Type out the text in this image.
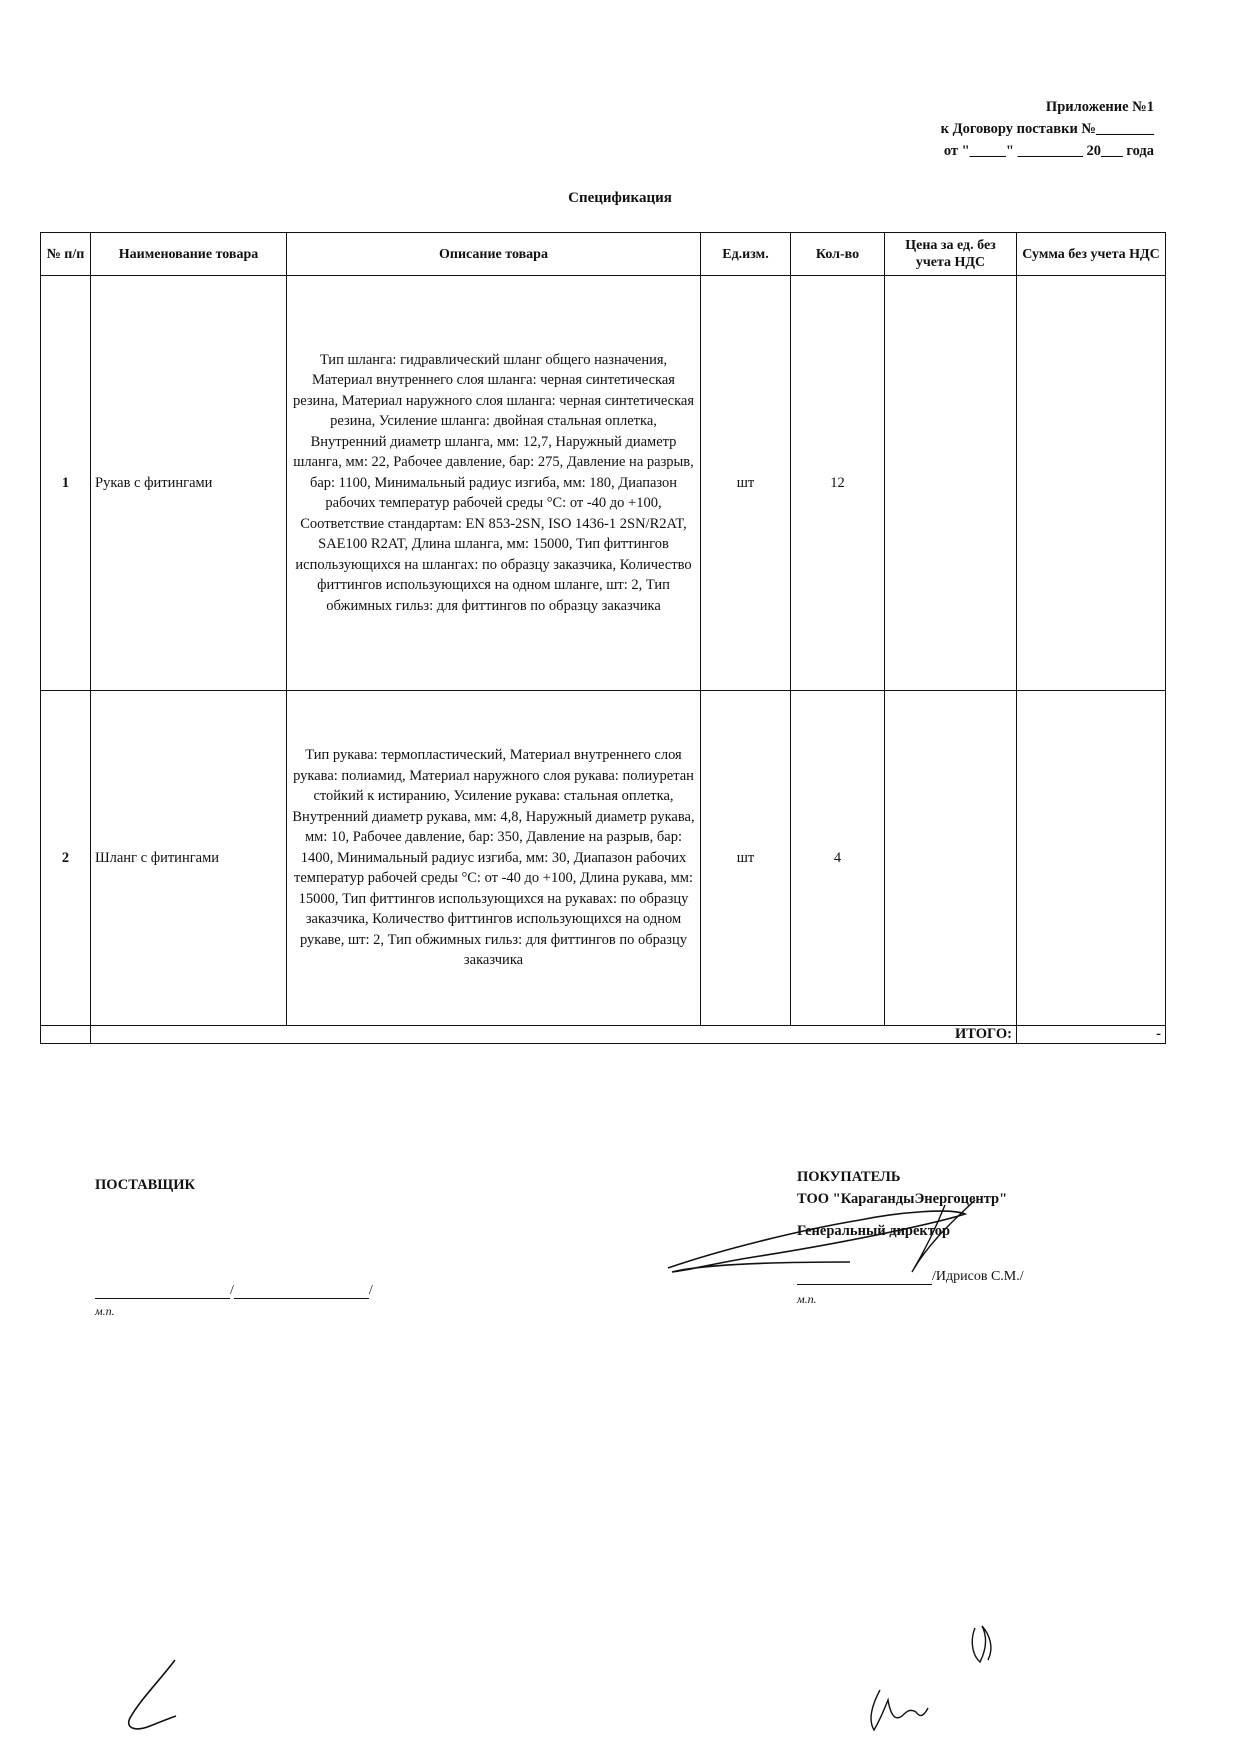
Приложение №1
к Договору поставки №________
от "_____" _________ 20___ года
Спецификация
№ п/п	Наименование товара	Описание товара	Ед.изм.	Кол-во	Цена за ед. без учета НДС	Сумма без учета НДС
1	Рукав с фитингами	Тип шланга: гидравлический шланг общего назначения, Материал внутреннего слоя шланга: черная синтетическая резина, Материал наружного слоя шланга: черная синтетическая резина, Усиление шланга: двойная стальная оплетка, Внутренний диаметр шланга, мм: 12,7, Наружный диаметр шланга, мм: 22, Рабочее давление, бар: 275, Давление на разрыв, бар: 1100, Минимальный радиус изгиба, мм: 180, Диапазон рабочих температур рабочей среды °С: от -40 до +100, Соответствие стандартам: EN 853-2SN, ISO 1436-1 2SN/R2AT, SAE100 R2AT, Длина шланга, мм: 15000, Тип фиттингов использующихся на шлангах: по образцу заказчика, Количество фиттингов использующихся на одном шланге, шт: 2, Тип обжимных гильз: для фиттингов по образцу заказчика	шт	12		
2	Шланг с фитингами	Тип рукава: термопластический, Материал внутреннего слоя рукава: полиамид, Материал наружного слоя рукава: полиуретан стойкий к истиранию, Усиление рукава: стальная оплетка, Внутренний диаметр рукава, мм: 4,8, Наружный диаметр рукава, мм: 10, Рабочее давление, бар: 350, Давление на разрыв, бар: 1400, Минимальный радиус изгиба, мм: 30, Диапазон рабочих температур рабочей среды °С: от -40 до +100, Длина рукава, мм: 15000, Тип фиттингов использующихся на рукавах: по образцу заказчика, Количество фиттингов использующихся на одном рукаве, шт: 2, Тип обжимных гильз: для фиттингов по образцу заказчика	шт	4		
	ИТОГО:					-
ПОСТАВЩИК
/	/
м.п.
ПОКУПАТЕЛЬ
ТОО "КарагандыЭнергоцентр"
Генеральный директор
/Идрисов С.М./
м.п.
